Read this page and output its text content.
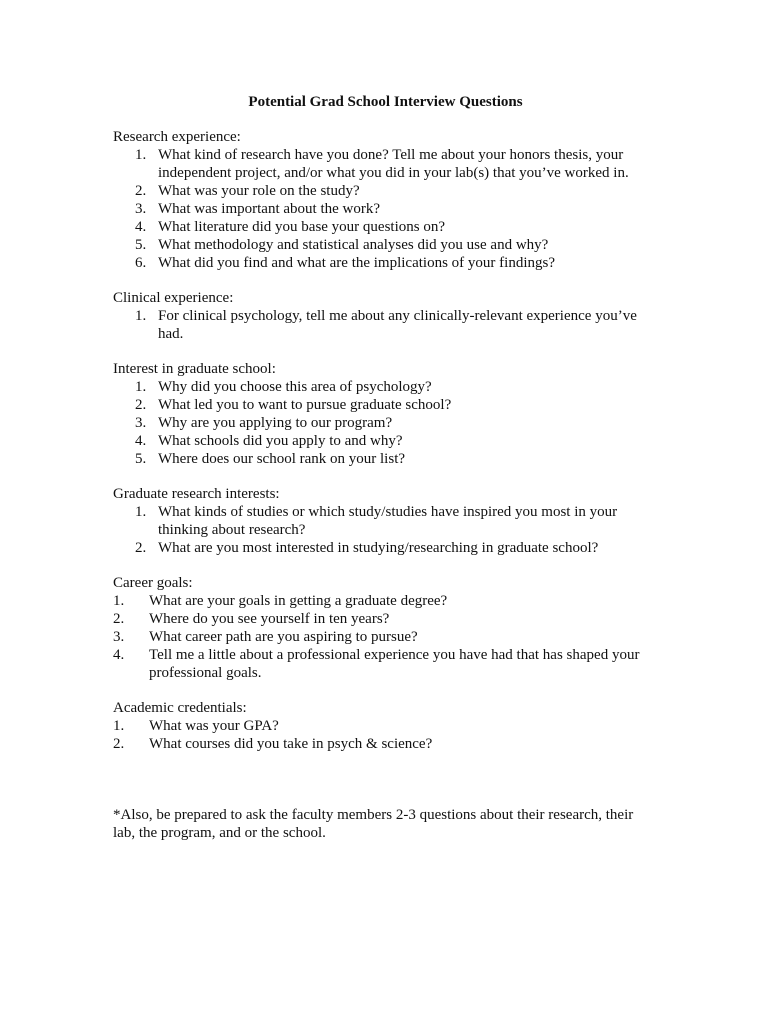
Potential Grad School Interview Questions

Research experience:

1. What kind of research have you done? Tell me about your honors thesis, your independent project, and/or what you did in your lab(s) that you’ve worked in.
2. What was your role on the study?
3. What was important about the work?
4. What literature did you base your questions on?
5. What methodology and statistical analyses did you use and why?
6. What did you find and what are the implications of your findings?

Clinical experience:

1. For clinical psychology, tell me about any clinically-relevant experience you’ve had.

Interest in graduate school:

1. Why did you choose this area of psychology?
2. What led you to want to pursue graduate school?
3. Why are you applying to our program?
4. What schools did you apply to and why?
5. Where does our school rank on your list?

Graduate research interests:

1. What kinds of studies or which study/studies have inspired you most in your thinking about research?
2. What are you most interested in studying/researching in graduate school?

Career goals:

1. What are your goals in getting a graduate degree?
2. Where do you see yourself in ten years?
3. What career path are you aspiring to pursue?
4. Tell me a little about a professional experience you have had that has shaped your professional goals.

Academic credentials:

1. What was your GPA?
2. What courses did you take in psych & science?

*Also, be prepared to ask the faculty members 2-3 questions about their research, their lab, the program, and or the school.
